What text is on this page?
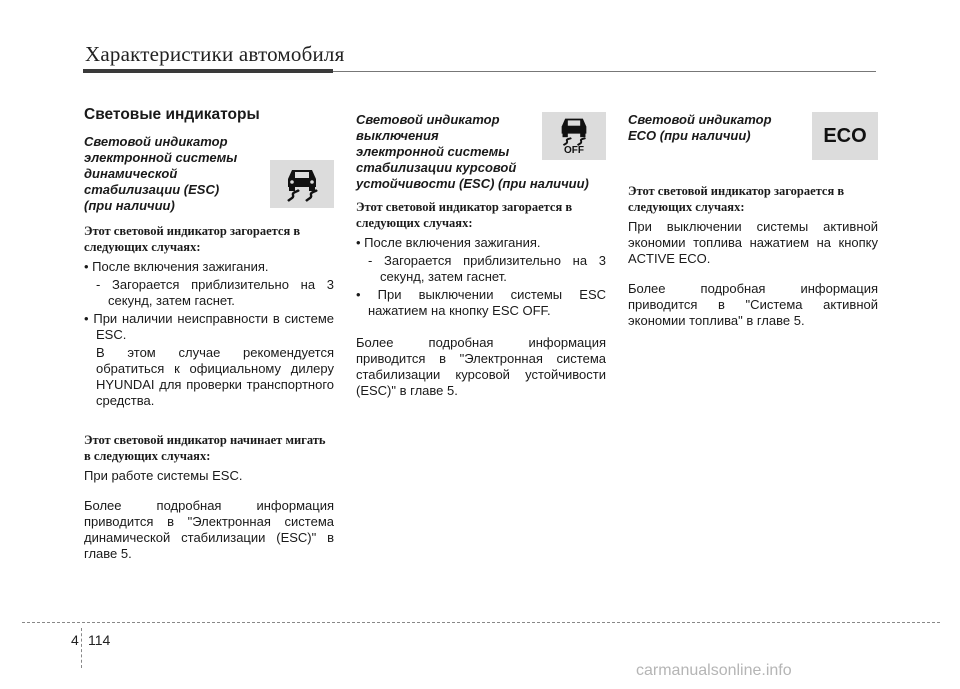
Характеристики автомобиля
Световые индикаторы
Световой индикатор
электронной системы
динамической
стабилизации (ESC)
(при наличии)
Этот световой индикатор загорается в следующих случаях:
• После включения зажигания.
- Загорается приблизительно на 3 секунд, затем гаснет.
• При наличии неисправности в системе ESC.
В этом случае рекомендуется обратиться к официальному дилеру HYUNDAI для проверки транспортного средства.
Этот световой индикатор начинает мигать в следующих случаях:
При работе системы ESC.
Более подробная информация приводится в "Электронная система динамической стабилизации (ESC)" в главе 5.
Световой индикатор
выключения
электронной системы
стабилизации курсовой
устойчивости (ESC) (при наличии)
OFF
Этот световой индикатор загорается в следующих случаях:
• После включения зажигания.
- Загорается приблизительно на 3 секунд, затем гаснет.
• При выключении системы ESC нажатием на кнопку ESC OFF.
Более подробная информация приводится в "Электронная система стабилизации курсовой устойчивости (ESC)" в главе 5.
Световой индикатор
ECO (при наличии)	ECO
Этот световой индикатор загорается в следующих случаях:
При выключении системы активной экономии топлива нажатием на кнопку ACTIVE ECO.
Более подробная информация приводится в "Система активной экономии топлива" в главе 5.
4 114
carmanualsonline.info
